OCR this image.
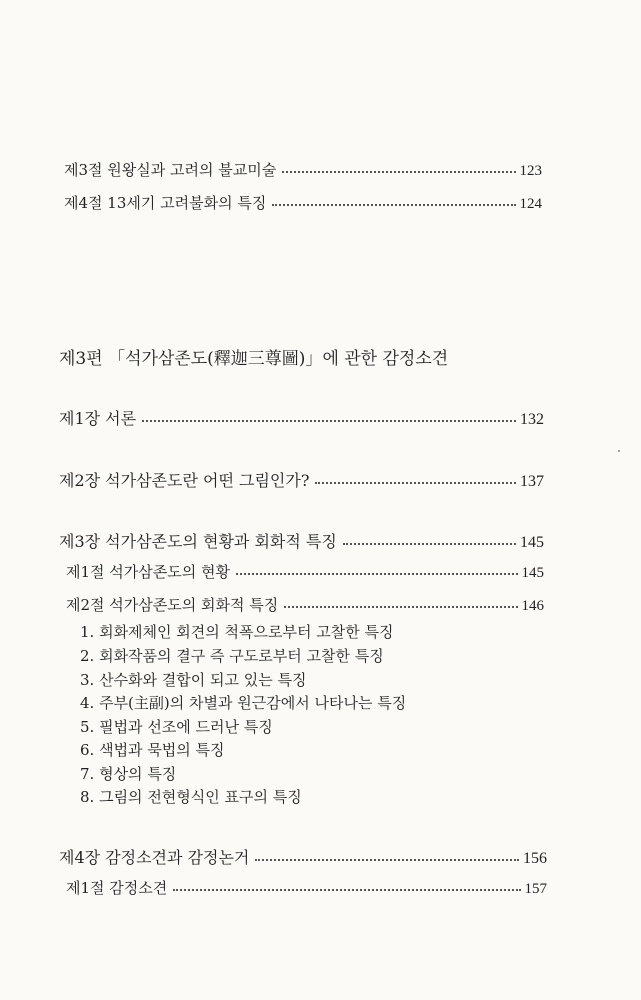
제3절 원왕실과 고려의 불교미술	123
제4절 13세기 고려불화의 특징	124
제3편 「석가삼존도(釋迦三尊圖)」에 관한 감정소견
제1장 서론	132
제2장 석가삼존도란 어떤 그림인가?	137
제3장 석가삼존도의 현황과 회화적 특징	145
제1절 석가삼존도의 현황	145
제2절 석가삼존도의 회화적 특징	146
1. 회화제체인 회견의 척폭으로부터 고찰한 특징
2. 회화작품의 결구 즉 구도로부터 고찰한 특징
3. 산수화와 결합이 되고 있는 특징
4. 주부(主副)의 차별과 원근감에서 나타나는 특징
5. 필법과 선조에 드러난 특징
6. 색법과 묵법의 특징
7. 형상의 특징
8. 그림의 전현형식인 표구의 특징
제4장 감정소견과 감정논거	156
제1절 감정소견	157
